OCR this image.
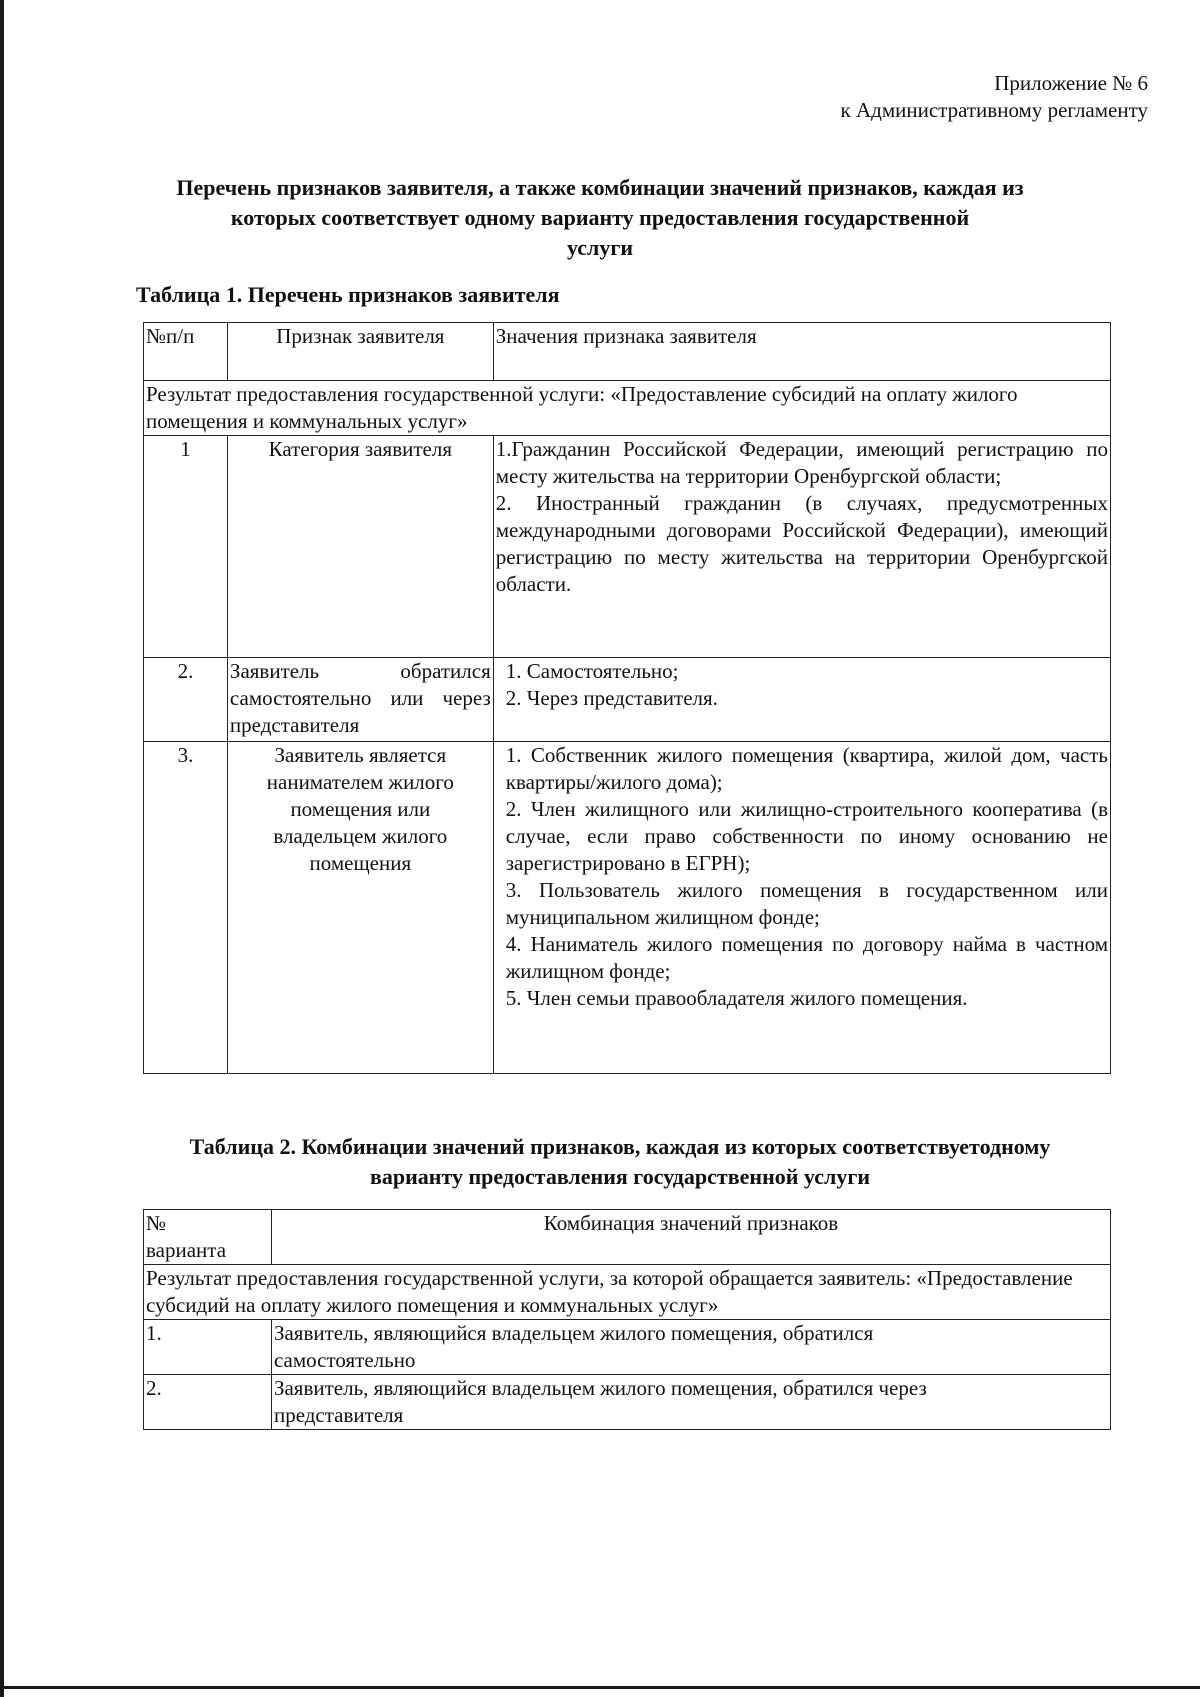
Приложение № 6
к Административному регламенту
Перечень признаков заявителя, а также комбинации значений признаков, каждая из
которых соответствует одному варианту предоставления государственной
услуги
Таблица 1. Перечень признаков заявителя
№п/п	Признак заявителя	Значения признака заявителя
Результат предоставления государственной услуги: «Предоставление субсидий на оплату жилого помещения и коммунальных услуг»		
1	Категория заявителя	1.Гражданин Российской Федерации, имеющий регистрацию по месту жительства на территории Оренбургской области;
2. Иностранный гражданин (в случаях, предусмотренных международными договорами Российской Федерации), имеющий регистрацию по месту жительства на территории Оренбургской области.

2.	Заявитель обратился самостоятельно или через представителя	1. Самостоятельно;
2. Через представителя.

3.	Заявитель является нанимателем жилого помещения или владельцем жилого помещения	1. Собственник жилого помещения (квартира, жилой дом, часть квартиры/жилого дома);
2. Член жилищного или жилищно-строительного кооператива (в случае, если право собственности по иному основанию не зарегистрировано в ЕГРН);
3. Пользователь жилого помещения в государственном или муниципальном жилищном фонде;
4. Наниматель жилого помещения по договору найма в частном жилищном фонде;
5. Член семьи правообладателя жилого помещения.
Таблица 2. Комбинации значений признаков, каждая из которых соответствуетодному
варианту предоставления государственной услуги
№ варианта	Комбинация значений признаков
Результат предоставления государственной услуги, за которой обращается заявитель: «Предоставление субсидий на оплату жилого помещения и коммунальных услуг»	
1.	Заявитель, являющийся владельцем жилого помещения, обратился самостоятельно
2.	Заявитель, являющийся владельцем жилого помещения, обратился через представителя
